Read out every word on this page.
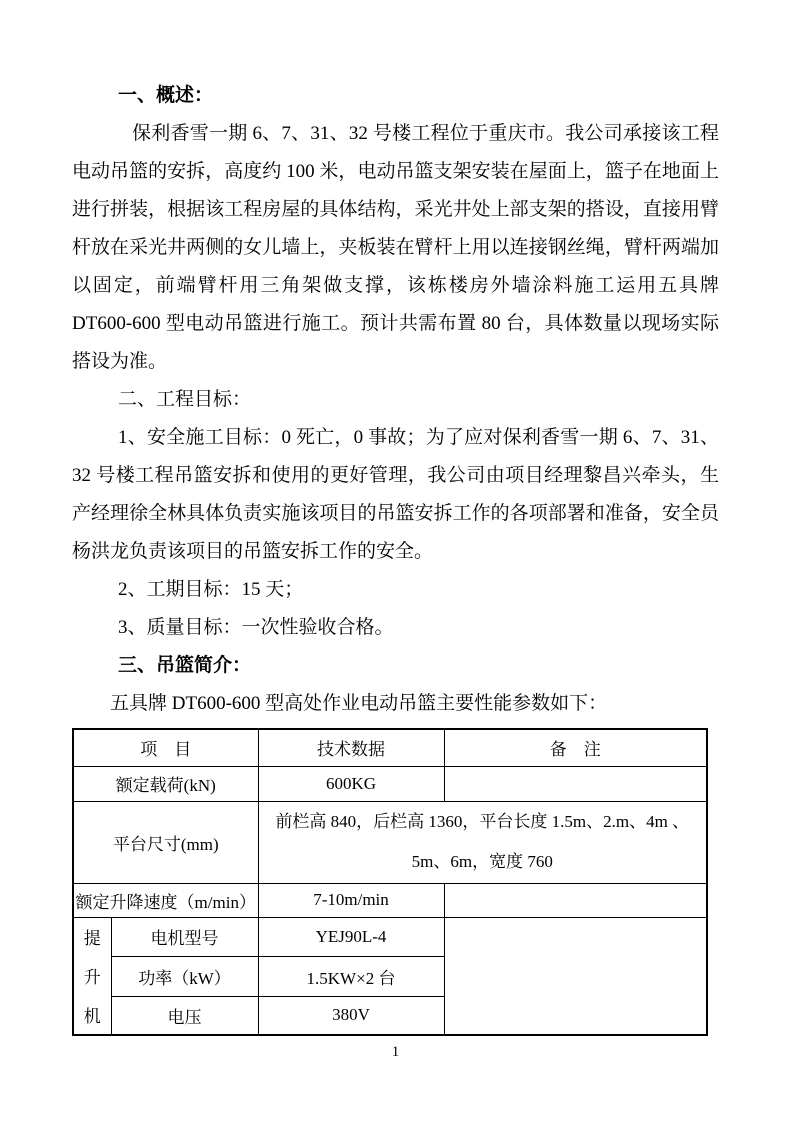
一、概述：

保利香雪一期 6、7、31、32 号楼工程位于重庆市。我公司承接该工程电动吊篮的安拆，高度约 100 米，电动吊篮支架安装在屋面上，篮子在地面上进行拼装，根据该工程房屋的具体结构，采光井处上部支架的搭设，直接用臂杆放在采光井两侧的女儿墙上，夹板装在臂杆上用以连接钢丝绳，臂杆两端加以固定，前端臂杆用三角架做支撑，该栋楼房外墙涂料施工运用五具牌 DT600-600 型电动吊篮进行施工。预计共需布置 80 台，具体数量以现场实际搭设为准。

二、工程目标：

1、安全施工目标：0 死亡，0 事故；为了应对保利香雪一期 6、7、31、32 号楼工程吊篮安拆和使用的更好管理，我公司由项目经理黎昌兴牵头，生产经理徐全林具体负责实施该项目的吊篮安拆工作的各项部署和准备，安全员杨洪龙负责该项目的吊篮安拆工作的安全。

2、工期目标：15 天；

3、质量目标：一次性验收合格。

三、吊篮简介：

五具牌 DT600-600 型高处作业电动吊篮主要性能参数如下：

项　目		技术数据	备　注
额定载荷(kN)		600KG	
平台尺寸(mm)		前栏高 840，后栏高 1360，平台长度 1.5m、2.m、4m 、5m、6m，宽度 760	
额定升降速度（m/min）		7-10m/min	

提
升
机	电机型号	YEJ90L-4	
	功率（kW）	1.5KW×2 台	
	电压	380V	
1
